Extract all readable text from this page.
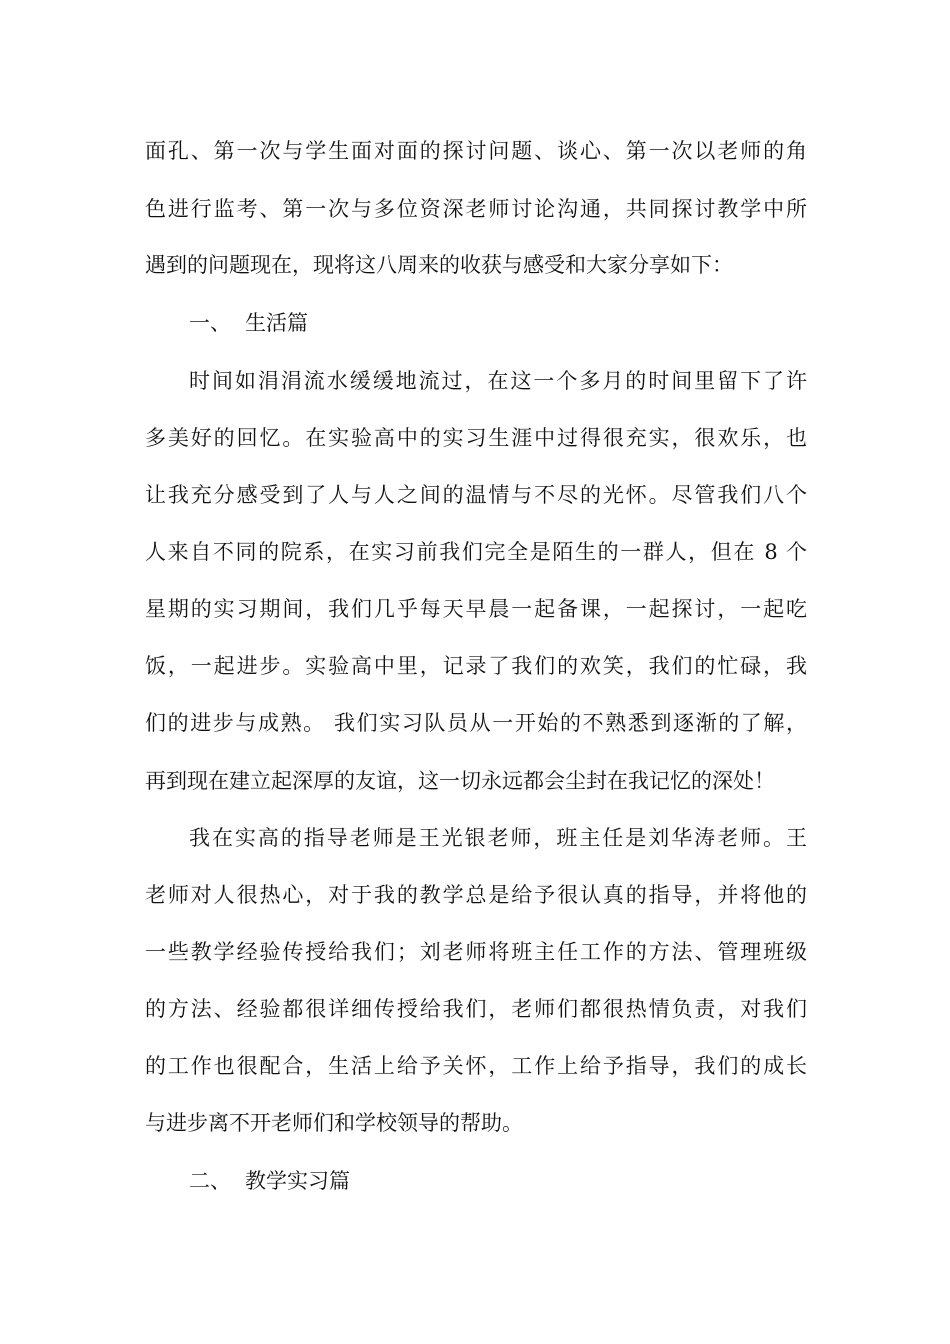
面孔、第一次与学生面对面的探讨问题、谈心、第一次以老师的角
色进行监考、第一次与多位资深老师讨论沟通，共同探讨教学中所
遇到的问题现在，现将这八周来的收获与感受和大家分享如下：
一、 生活篇
时间如涓涓流水缓缓地流过，在这一个多月的时间里留下了许
多美好的回忆。在实验高中的实习生涯中过得很充实，很欢乐，也
让我充分感受到了人与人之间的温情与不尽的光怀。尽管我们八个
人来自不同的院系，在实习前我们完全是陌生的一群人，但在 8 个
星期的实习期间，我们几乎每天早晨一起备课，一起探讨，一起吃
饭，一起进步。实验高中里，记录了我们的欢笑，我们的忙碌，我
们的进步与成熟。 我们实习队员从一开始的不熟悉到逐渐的了解，
再到现在建立起深厚的友谊，这一切永远都会尘封在我记忆的深处！
我在实高的指导老师是王光银老师，班主任是刘华涛老师。王
老师对人很热心，对于我的教学总是给予很认真的指导，并将他的
一些教学经验传授给我们；刘老师将班主任工作的方法、管理班级
的方法、经验都很详细传授给我们，老师们都很热情负责，对我们
的工作也很配合，生活上给予关怀，工作上给予指导，我们的成长
与进步离不开老师们和学校领导的帮助。
二、 教学实习篇
